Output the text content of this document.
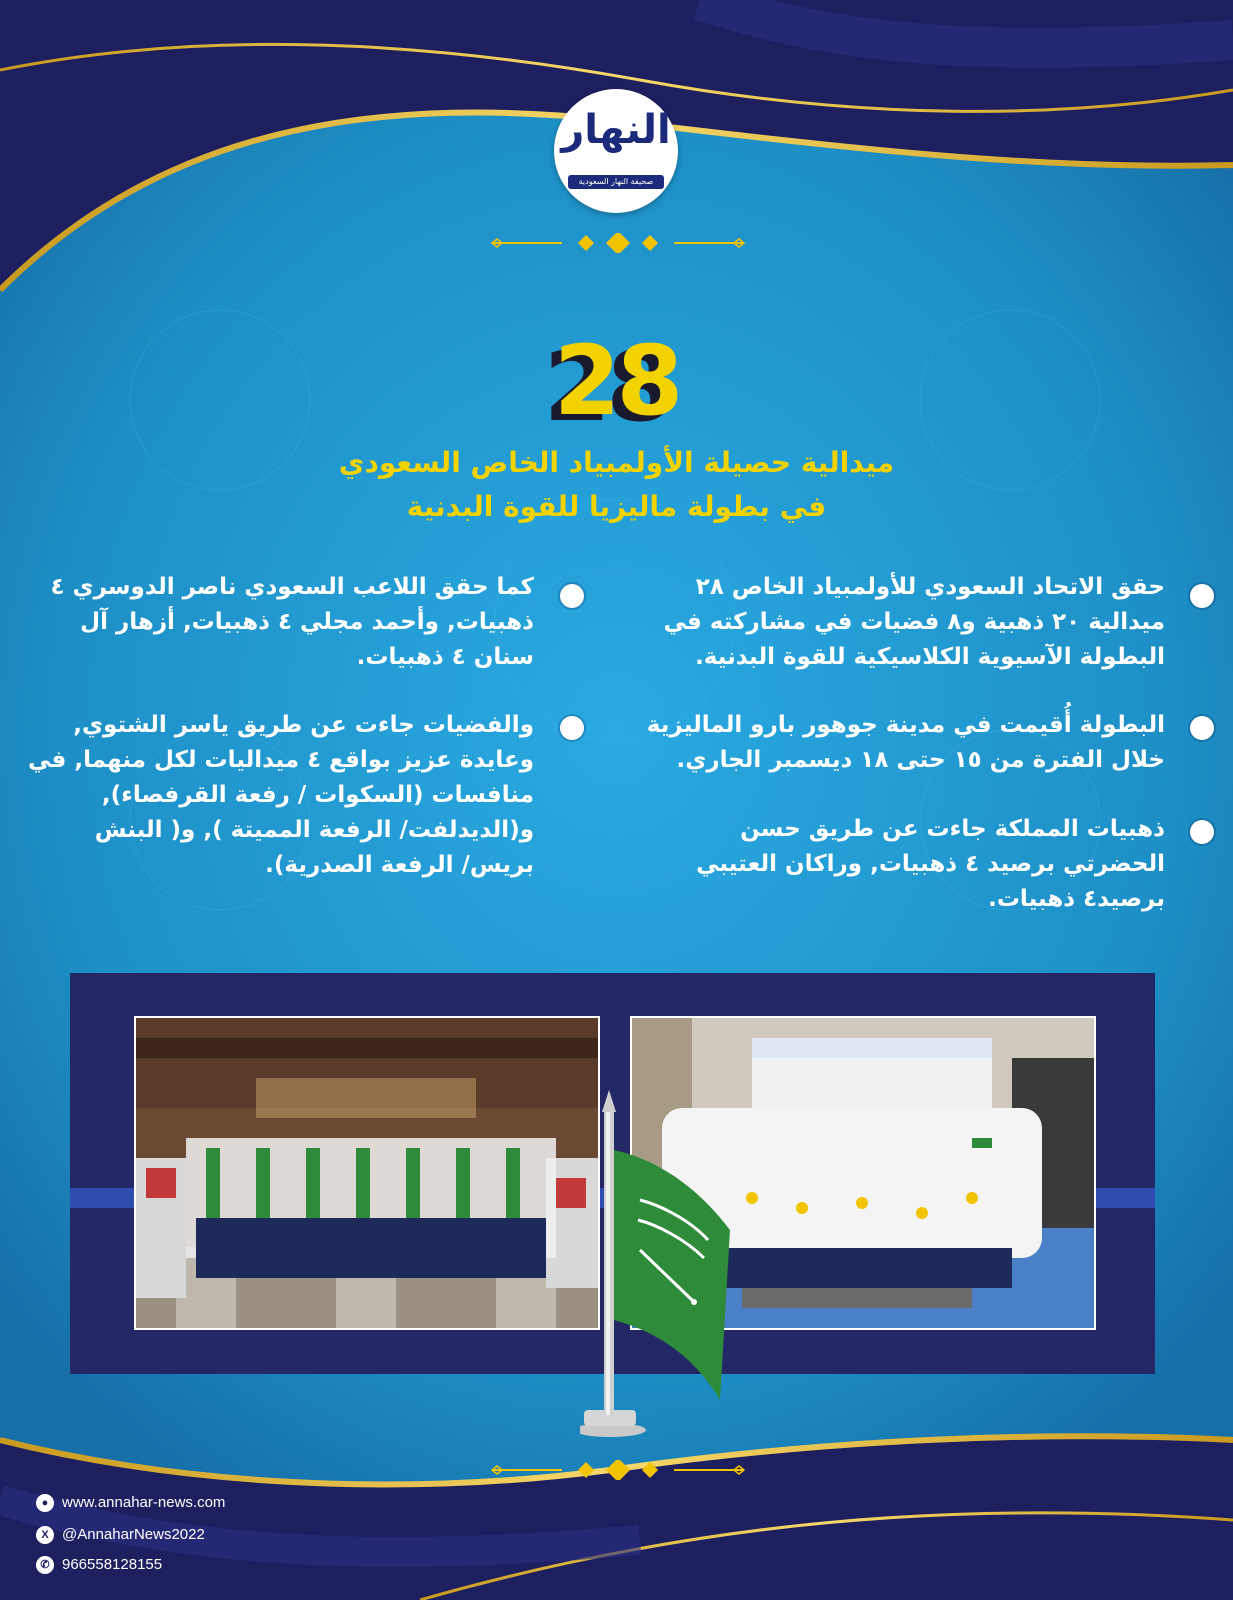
النهار
صحيفة النهار السعودية
28
ميدالية حصيلة الأولمبياد الخاص السعودي
في بطولة ماليزيا للقوة البدنية
حقق الاتحاد السعودي للأولمبياد الخاص ٢٨ ميدالية ٢٠ ذهبية و٨ فضيات في مشاركته في البطولة الآسيوية الكلاسيكية للقوة البدنية.
البطولة أُقيمت في مدينة جوهور بارو الماليزية خلال الفترة من ١٥ حتى ١٨ ديسمبر الجاري.
ذهبيات المملكة جاءت عن طريق حسن الحضرتي برصيد ٤ ذهبيات, وراكان العتيبي برصيد٤ ذهبيات.
كما حقق اللاعب السعودي ناصر الدوسري ٤ ذهبيات, وأحمد مجلي ٤ ذهبيات, أزهار آل سنان ٤ ذهبيات.
والفضيات جاءت عن طريق ياسر الشتوي, وعايدة عزيز بواقع ٤ ميداليات لكل منهما, في منافسات (السكوات / رفعة القرفصاء), و(الديدلفت/ الرفعة المميتة ), و( البنش بريس/ الرفعة الصدرية).
● www.annahar-news.com
X @AnnaharNews2022
✆ 966558128155
